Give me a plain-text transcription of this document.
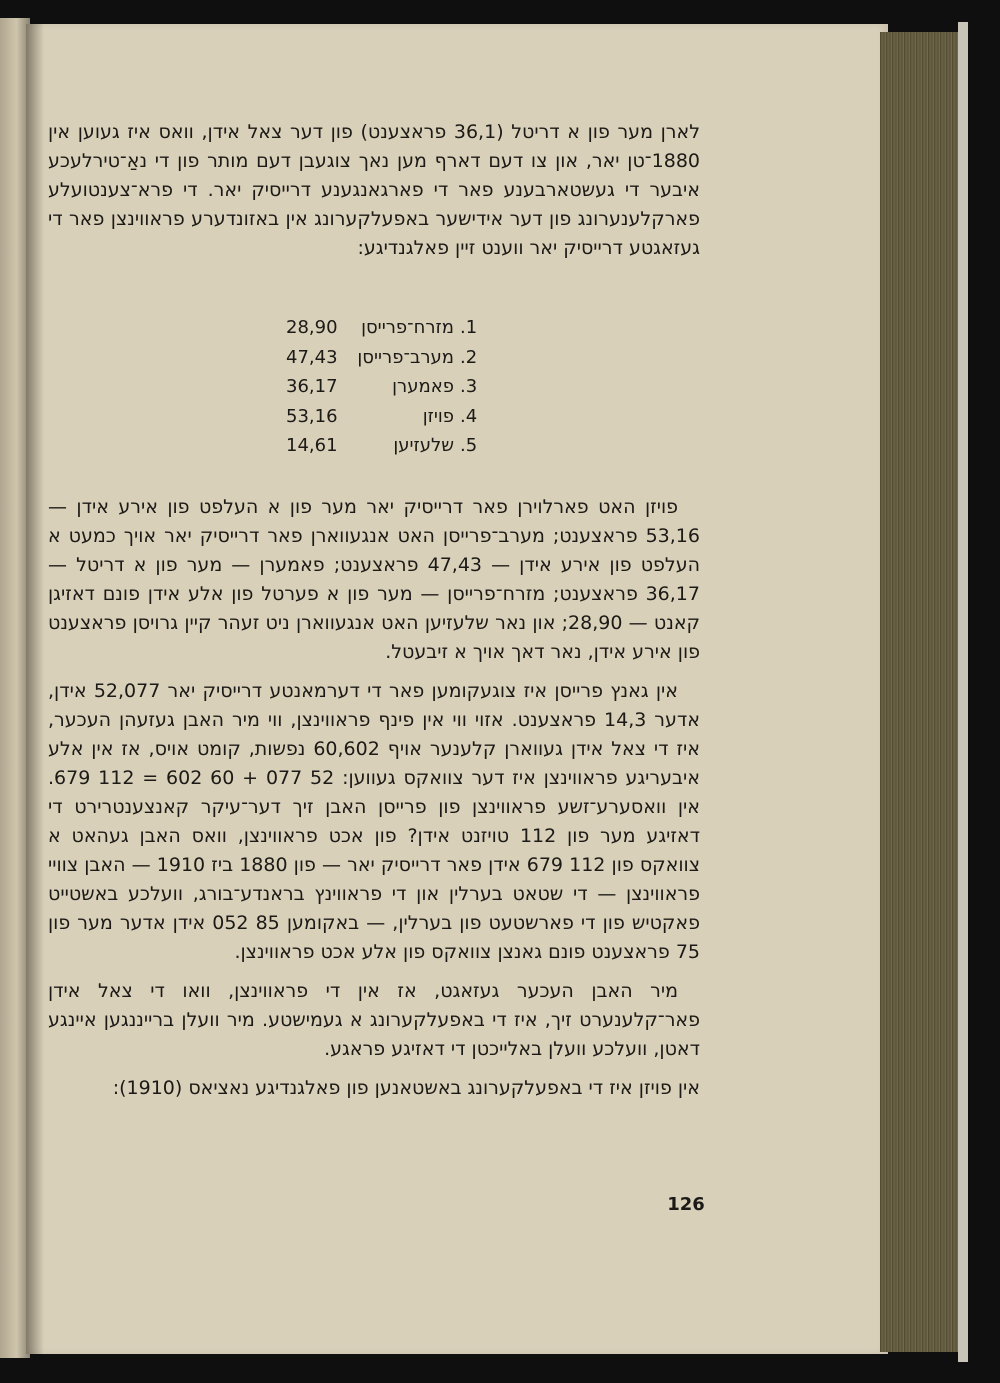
לארן מער פון א דריטל (36,1 פראצענט) פון דער צאל אידן, וואס איז געוען אין 1880־טן יאר, און צו דעם דארף מען נאך צוגעבן דעם מותר פון די נאַ־טירלעכע איבער די געשטארבענע פאר די פארגאנגענע דרייסיק יאר. די פרא־צענטועלע פארקלענערונג פון דער אידישער באפעלקערונג אין באזונדערע פראווינצן פאר די געזאגטע דרייסיק יאר ווענט זיין פאלגנדיגע:

28,90	מזרח־פרייסן .1
47,43	מערב־פרייסן .2
36,17	פאמערן .3
53,16	פויזן .4
14,61	שלעזיען .5

פויזן האט פארלוירן פאר דרייסיק יאר מער פון א העלפט פון אירע אידן — 53,16 פראצענט; מערב־פרייסן האט אנגעווארן פאר דרייסיק יאר אויך כמעט א העלפט פון אירע אידן — 47,43 פראצענט; פאמערן — מער פון א דריטל — 36,17 פראצענט; מזרח־פרייסן — מער פון א פערטל פון אלע אידן פונם דאזיגן קאנט — 28,90; און נאר שלעזיען האט אנגעווארן ניט זעהר קיין גרויסן פראצענט פון אירע אידן, נאר דאך אויך א זיבעטל.

אין גאנץ פרייסן איז צוגעקומען פאר די דערמאנטע דרייסיק יאר 52,077 אידן, אדער 14,3 פראצענט. אזוי ווי אין פינף פראווינצן, ווי מיר האבן געזעהן העכער, איז די צאל אידן געווארן קלענער אויף 60,602 נפשות, קומט אויס, אז אין אלע איבעריגע פראווינצן איז דער צוואקס געווען: 52 077 + 60 602 = 112 679. אין וואסערע־זשע פראווינצן פון פרייסן האבן זיך דער־עיקר קאנצענטרירט די דאזיגע מער פון 112 טויזנט אידן? פון אכט פראווינצן, וואס האבן געהאט א צוואקס פון 112 679 אידן פאר דרייסיק יאר — פון 1880 ביז 1910 — האבן צוויי פראווינצן — די שטאט בערלין און די פראווינץ בראנדע־בורג, וועלכע באשטייט פאקטיש פון די פארשטעט פון בערלין, — באקומען 85 052 אידן אדער מער פון 75 פראצענט פונם גאנצן צוואקס פון אלע אכט פראווינצן.

מיר האבן העכער געזאגט, אז אין די פראווינצן, וואו די צאל אידן פאר־קלענערט זיך, איז די באפעלקערונג א געמישטע. מיר וועלן ברייננגען איינגע דאטן, וועלכע וועלן באלייכטן די דאזיגע פראגע.

אין פויזן איז די באפעלקערונג באשטאנען פון פאלגנדיגע נאציאס (1910):

126
